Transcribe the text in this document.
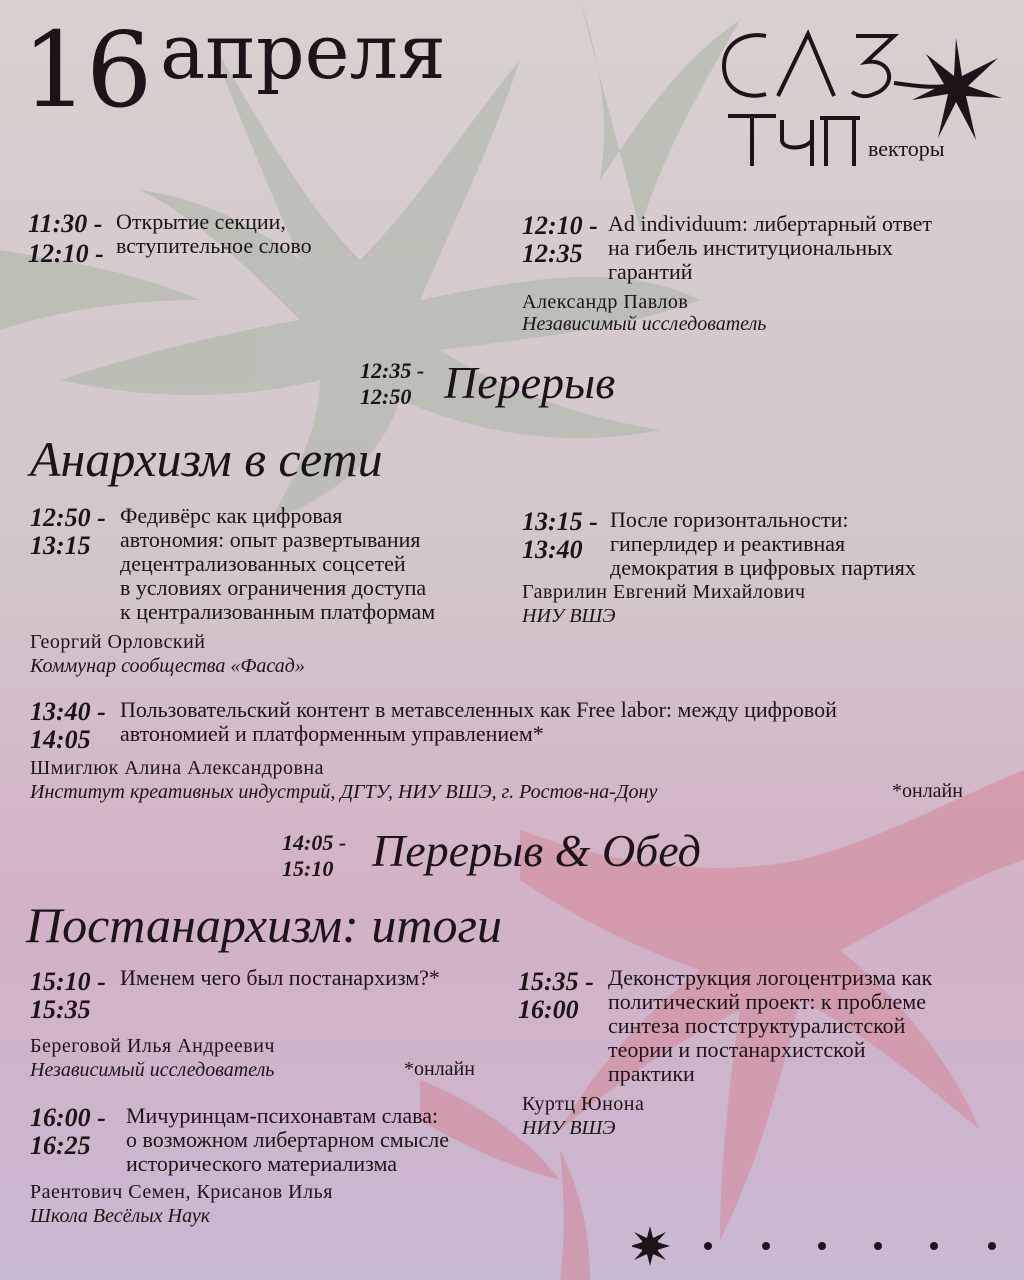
16 апреля
векторы
11:30 -
12:10 -
Открытие секции,
вступительное слово
12:10 -
12:35
Ad individuum: либертарный ответ
на гибель институциональных
гарантий
Александр Павлов
Независимый исследователь
12:35 -
12:50 Перерыв
Анархизм в сети
12:50 -
13:15
Федивёрс как цифровая
автономия: опыт развертывания
децентрализованных соцсетей
в условиях ограничения доступа
к централизованным платформам
Георгий Орловский
Коммунар сообщества «Фасад»
13:15 -
13:40
После горизонтальности:
гиперлидер и реактивная
демократия в цифровых партиях
Гаврилин Евгений Михайлович
НИУ ВШЭ
13:40 -
14:05
Пользовательский контент в метавселенных как Free labor: между цифровой
автономией и платформенным управлением*
Шмиглюк Алина Александровна
Институт креативных индустрий, ДГТУ, НИУ ВШЭ, г. Ростов-на-Дону	*онлайн
14:05 -
15:10 Перерыв & Обед
Постанархизм: итоги
15:10 -
15:35
Именем чего был постанархизм?*
Береговой Илья Андреевич
Независимый исследователь	*онлайн
15:35 -
16:00
Деконструкция логоцентризма как
политический проект: к проблеме
синтеза постструктуралистской
теории и постанархистской
практики
Куртц Юнона
НИУ ВШЭ
16:00 -
16:25
Мичуринцам-психонавтам слава:
о возможном либертарном смысле
исторического материализма
Раентович Семен, Крисанов Илья
Школа Весёлых Наук
